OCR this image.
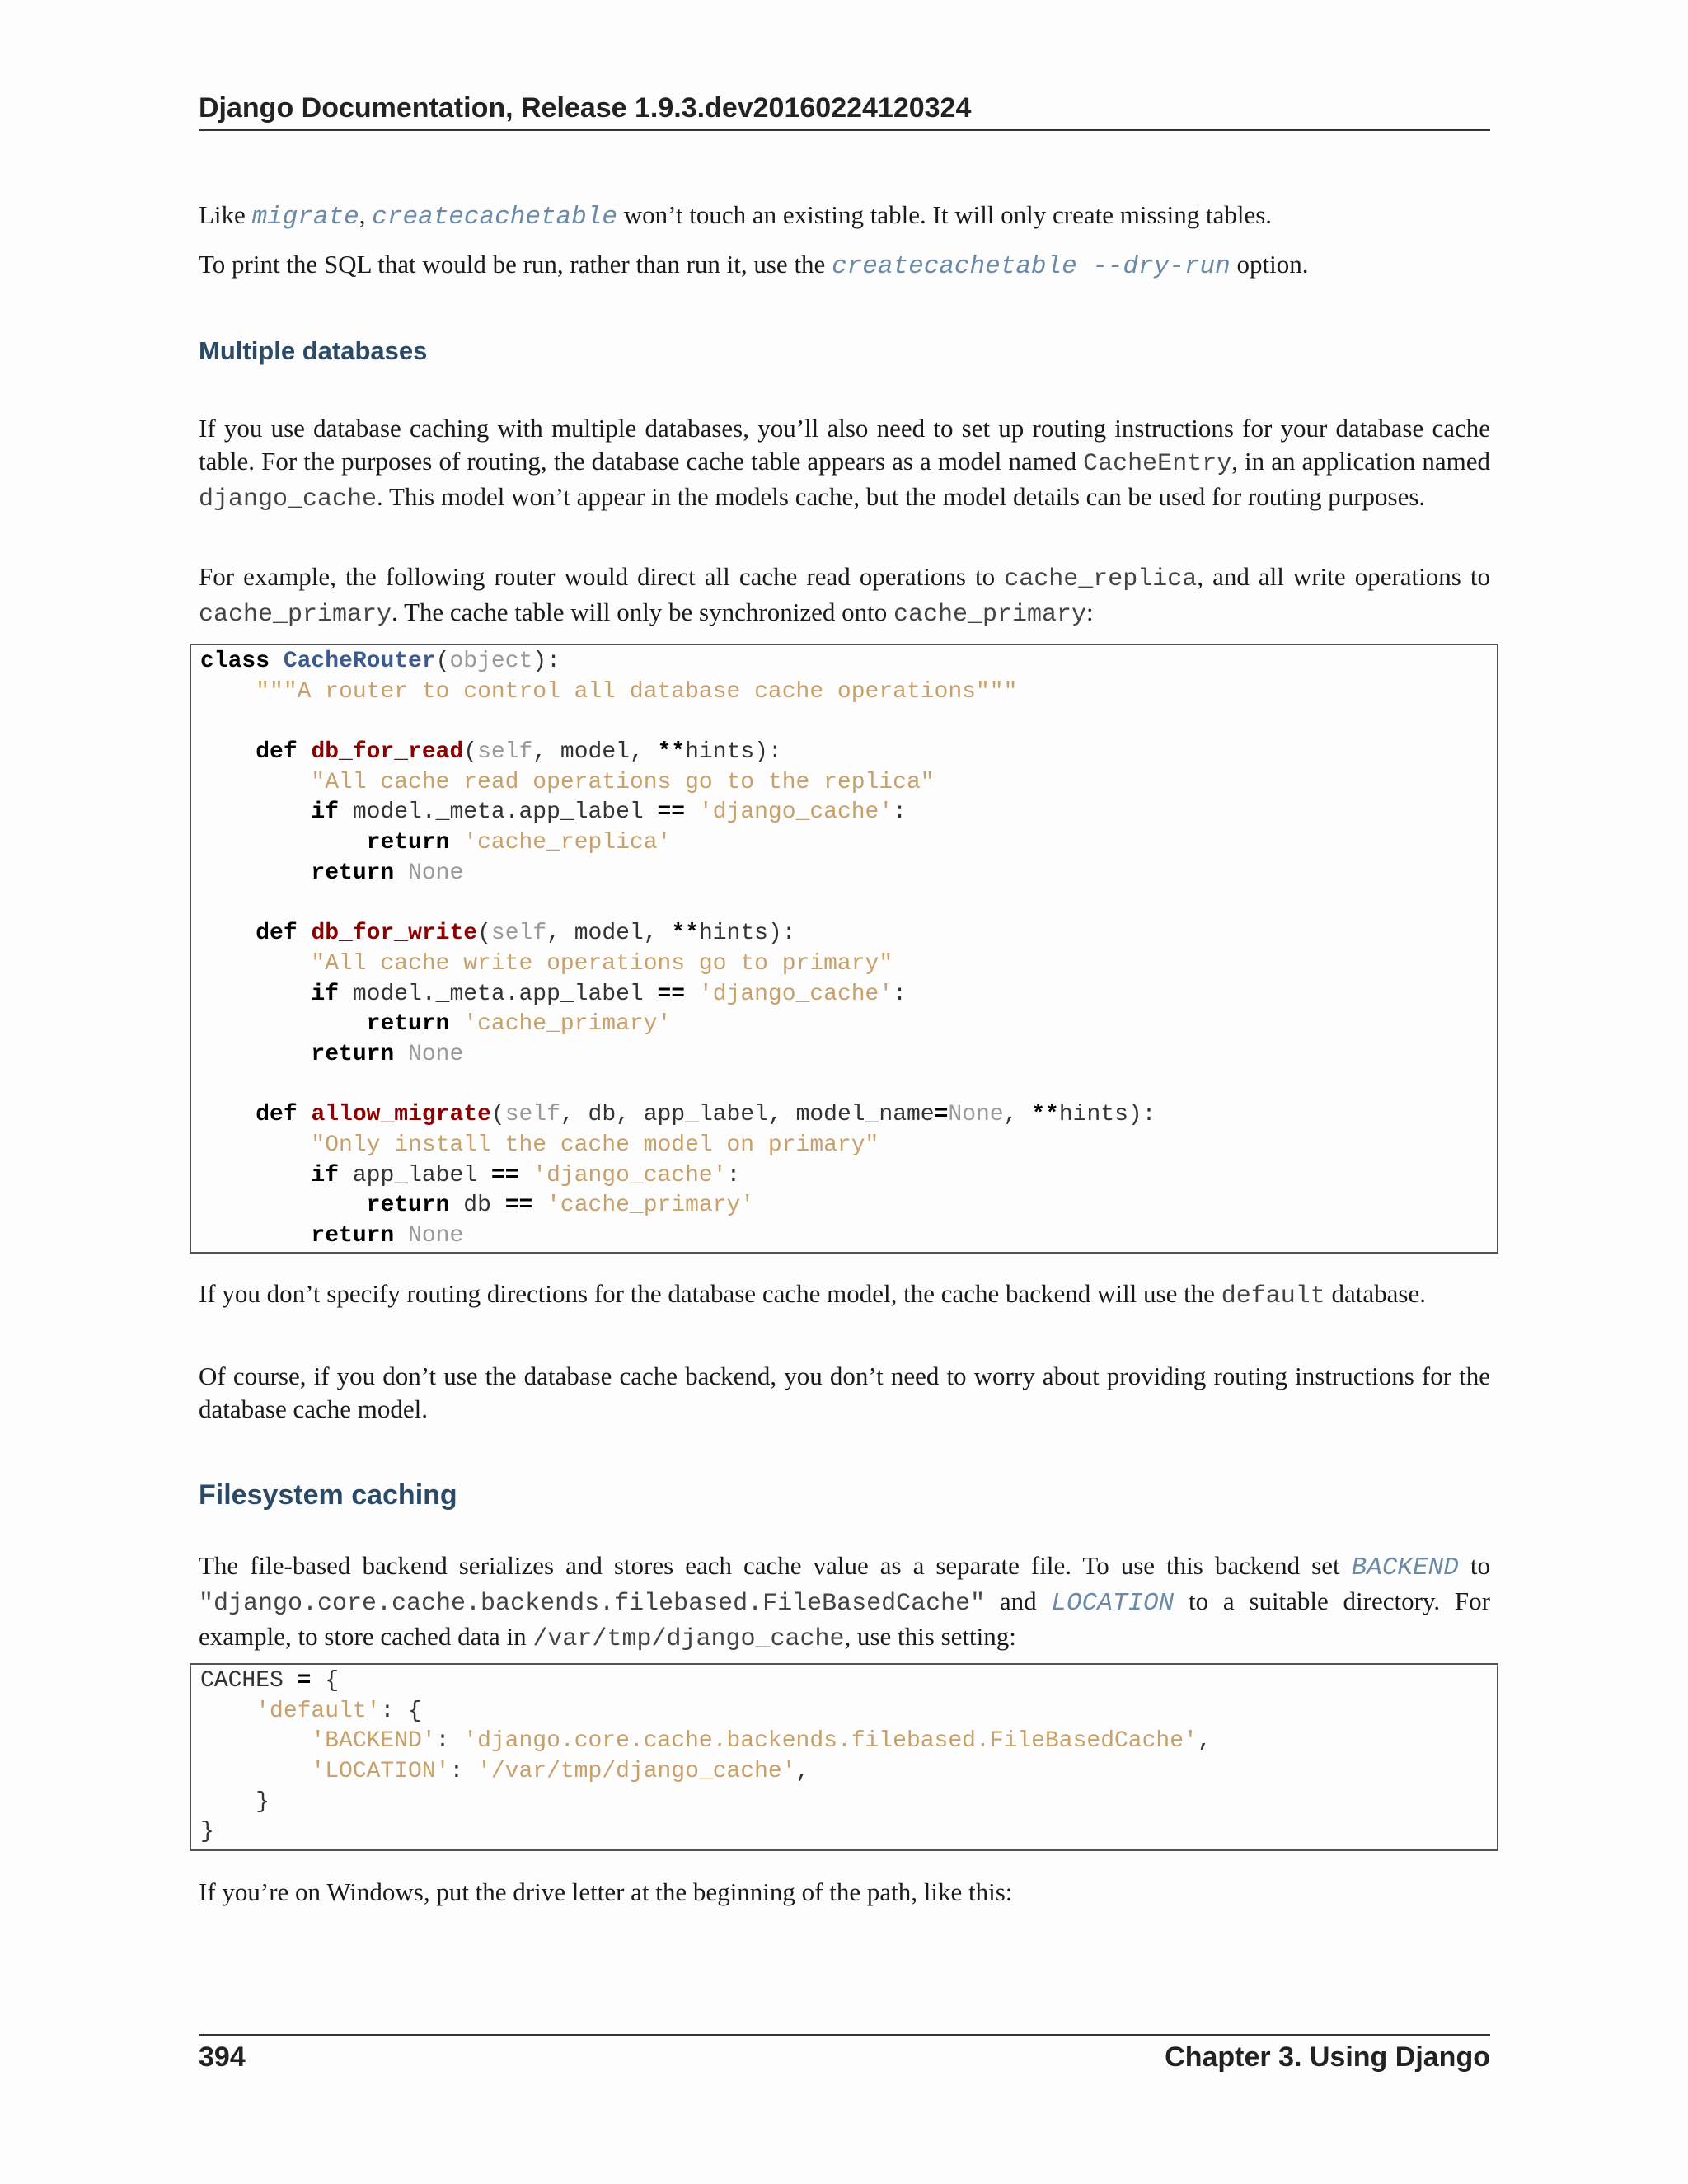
Django Documentation, Release 1.9.3.dev20160224120324

Like migrate, createcachetable won’t touch an existing table. It will only create missing tables.

To print the SQL that would be run, rather than run it, use the createcachetable --dry-run option.

Multiple databases

If you use database caching with multiple databases, you’ll also need to set up routing instructions for your database cache table. For the purposes of routing, the database cache table appears as a model named CacheEntry, in an application named django_cache. This model won’t appear in the models cache, but the model details can be used for routing purposes.

For example, the following router would direct all cache read operations to cache_replica, and all write operations to cache_primary. The cache table will only be synchronized onto cache_primary:

class CacheRouter(object):
"""A router to control all database cache operations"""

def db_for_read(self, model, **hints):
"All cache read operations go to the replica"
if model._meta.app_label == 'django_cache':
return 'cache_replica'
return None

def db_for_write(self, model, **hints):
"All cache write operations go to primary"
if model._meta.app_label == 'django_cache':
return 'cache_primary'
return None

def allow_migrate(self, db, app_label, model_name=None, **hints):
"Only install the cache model on primary"
if app_label == 'django_cache':
return db == 'cache_primary'
return None

If you don’t specify routing directions for the database cache model, the cache backend will use the default database.

Of course, if you don’t use the database cache backend, you don’t need to worry about providing routing instructions for the database cache model.

Filesystem caching

The file-based backend serializes and stores each cache value as a separate file. To use this backend set BACKEND to "django.core.cache.backends.filebased.FileBasedCache" and LOCATION to a suitable directory. For example, to store cached data in /var/tmp/django_cache, use this setting:

CACHES = {
'default': {
'BACKEND': 'django.core.cache.backends.filebased.FileBasedCache',
'LOCATION': '/var/tmp/django_cache',
}
}

If you’re on Windows, put the drive letter at the beginning of the path, like this:

394	Chapter 3. Using Django
